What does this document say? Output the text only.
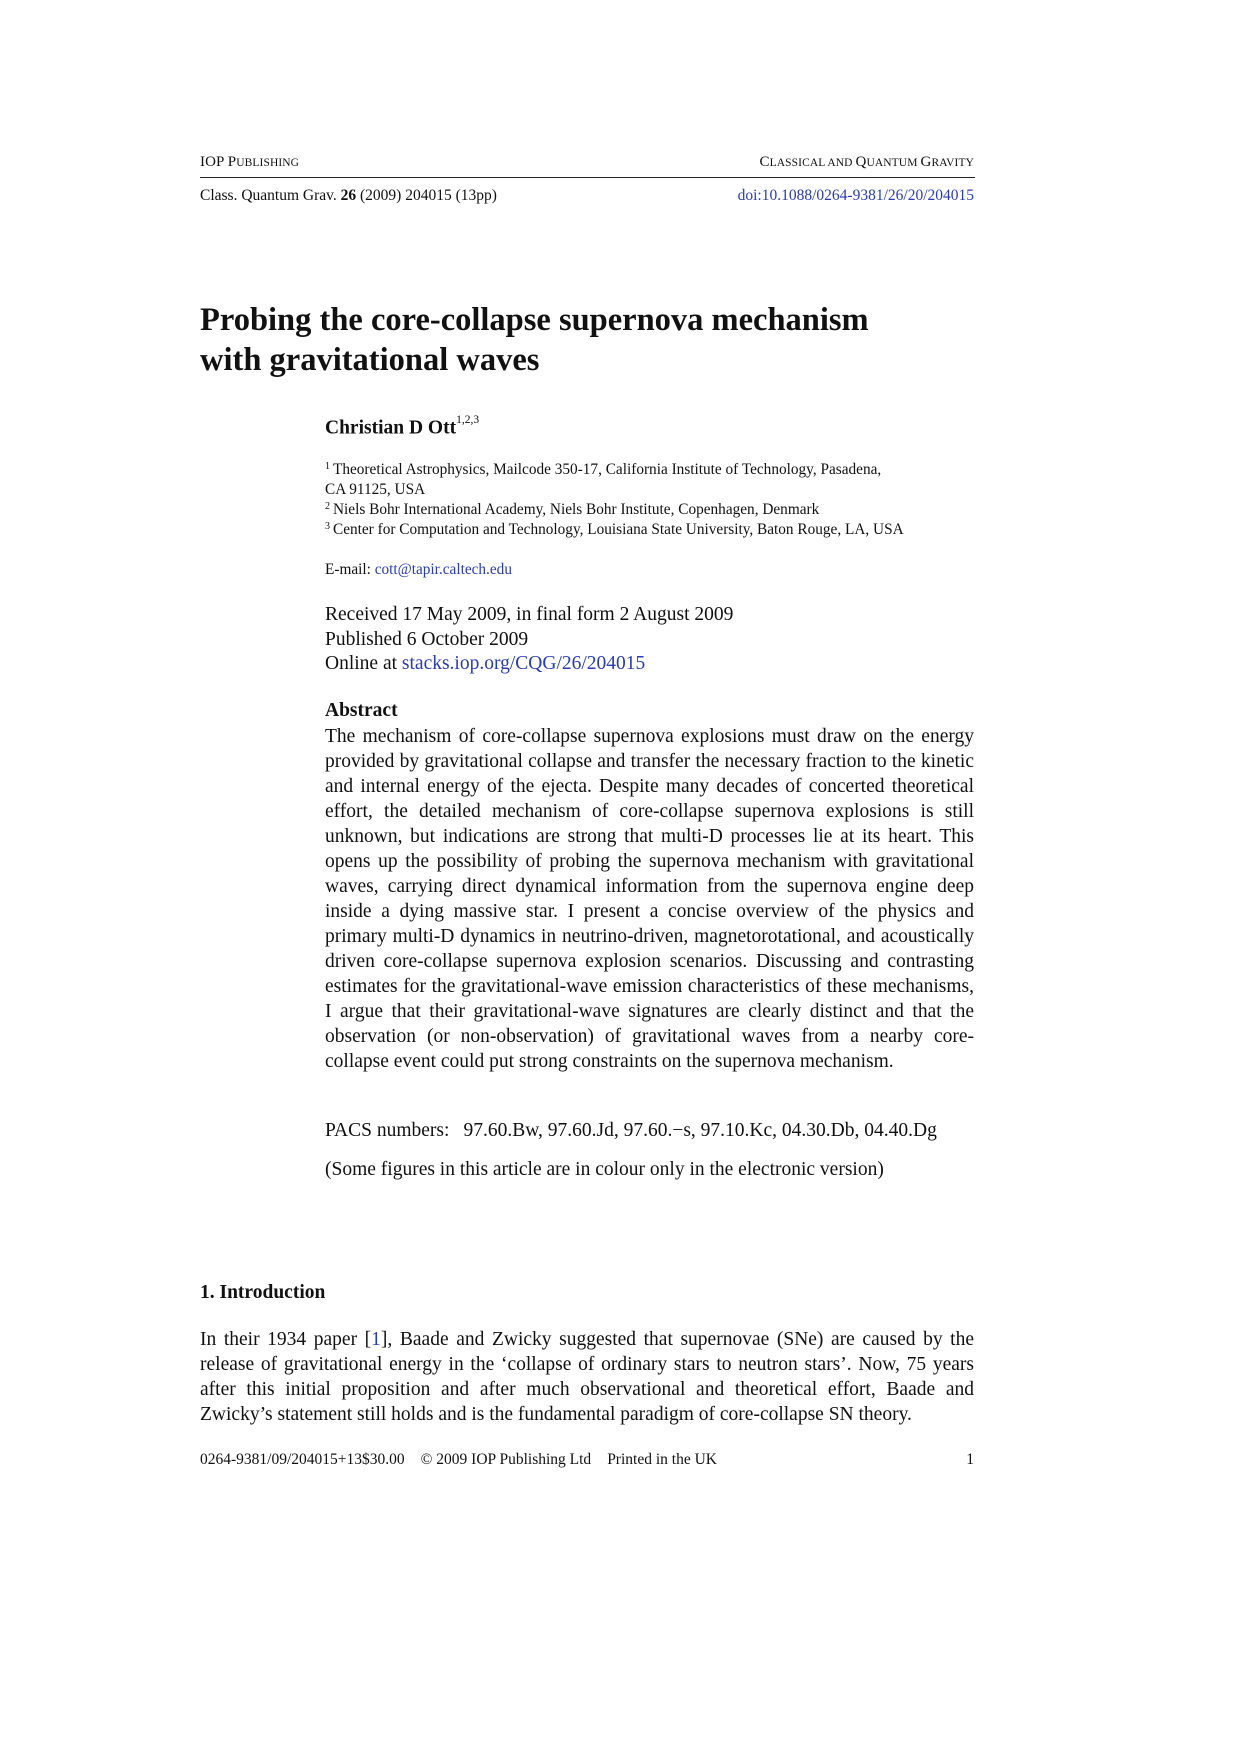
IOP PUBLISHING	CLASSICAL AND QUANTUM GRAVITY
Class. Quantum Grav. 26 (2009) 204015 (13pp)	doi:10.1088/0264-9381/26/20/204015
Probing the core-collapse supernova mechanism
with gravitational waves
Christian D Ott$^{1,2,3}$
$^1$ Theoretical Astrophysics, Mailcode 350-17, California Institute of Technology, Pasadena,
CA 91125, USA
$^2$ Niels Bohr International Academy, Niels Bohr Institute, Copenhagen, Denmark
$^3$ Center for Computation and Technology, Louisiana State University, Baton Rouge, LA, USA
E-mail: cott@tapir.caltech.edu
Received 17 May 2009, in final form 2 August 2009
Published 6 October 2009
Online at stacks.iop.org/CQG/26/204015
Abstract
The mechanism of core-collapse supernova explosions must draw on the energy provided by gravitational collapse and transfer the necessary fraction to the kinetic and internal energy of the ejecta. Despite many decades of concerted theoretical effort, the detailed mechanism of core-collapse supernova explosions is still unknown, but indications are strong that multi-D processes lie at its heart. This opens up the possibility of probing the supernova mechanism with gravitational waves, carrying direct dynamical information from the supernova engine deep inside a dying massive star. I present a concise overview of the physics and primary multi-D dynamics in neutrino-driven, magnetorotational, and acoustically driven core-collapse supernova explosion scenarios. Discussing and contrasting estimates for the gravitational-wave emission characteristics of these mechanisms, I argue that their gravitational-wave signatures are clearly distinct and that the observation (or non-observation) of gravitational waves from a nearby core-collapse event could put strong constraints on the supernova mechanism.
PACS numbers: 97.60.Bw, 97.60.Jd, 97.60.−s, 97.10.Kc, 04.30.Db, 04.40.Dg
(Some figures in this article are in colour only in the electronic version)
1. Introduction
In their 1934 paper [1], Baade and Zwicky suggested that supernovae (SNe) are caused by the release of gravitational energy in the ‘collapse of ordinary stars to neutron stars’. Now, 75 years after this initial proposition and after much observational and theoretical effort, Baade and Zwicky’s statement still holds and is the fundamental paradigm of core-collapse SN theory.
0264-9381/09/204015+13$30.00 © 2009 IOP Publishing Ltd Printed in the UK	1
